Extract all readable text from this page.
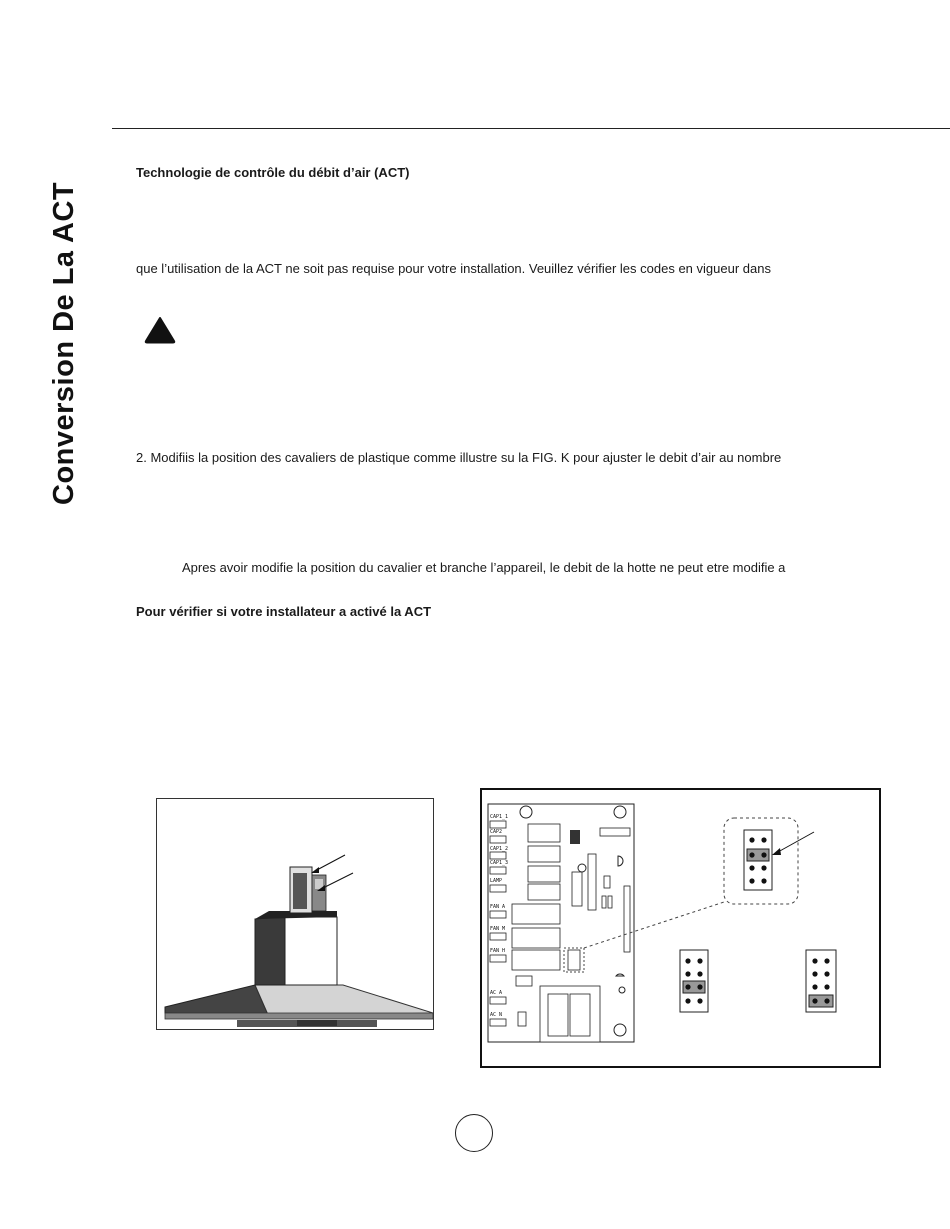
Conversion De La ACT
Technologie de contrôle du débit d’air (ACT)
que l’utilisation de la ACT ne soit pas requise pour votre installation. Veuillez vérifier les codes en vigueur dans
2. Modifiis la position des cavaliers de plastique comme illustre su la FIG. K pour ajuster le debit d’air au nombre
Apres avoir modifie la position du cavalier et branche l’appareil, le debit de la hotte ne peut etre modifie a
Pour vérifier si votre installateur a activé la ACT
CAP1_1
CAP2
CAP1_2
CAP1_3
LAMP
FAN A
FAN M
FAN H
AC A
AC N
